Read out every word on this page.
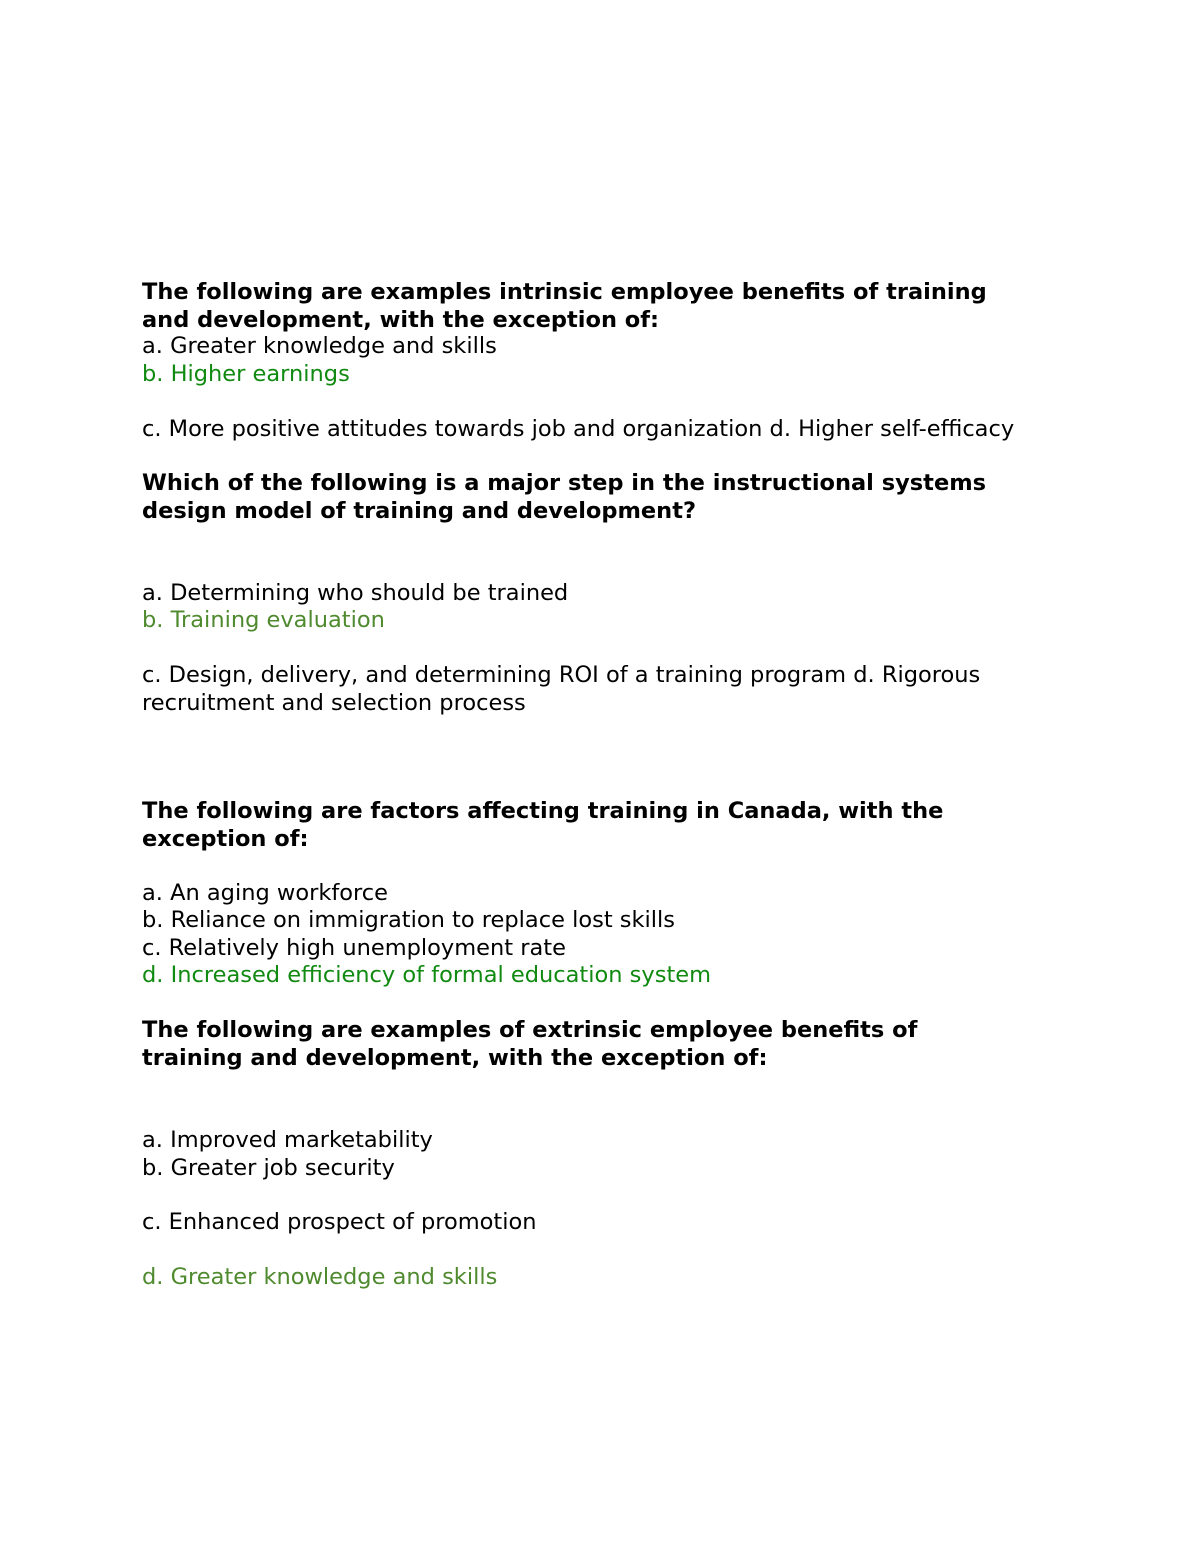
The following are examples intrinsic employee benefits of training
and development, with the exception of:
a. Greater knowledge and skills
b. Higher earnings
c. More positive attitudes towards job and organization d. Higher self-efficacy
Which of the following is a major step in the instructional systems
design model of training and development?
a. Determining who should be trained
b. Training evaluation
c. Design, delivery, and determining ROI of a training program d. Rigorous
recruitment and selection process
The following are factors affecting training in Canada, with the
exception of:
a. An aging workforce
b. Reliance on immigration to replace lost skills
c. Relatively high unemployment rate
d. Increased efficiency of formal education system
The following are examples of extrinsic employee benefits of
training and development, with the exception of:
a. Improved marketability
b. Greater job security
c. Enhanced prospect of promotion
d. Greater knowledge and skills
